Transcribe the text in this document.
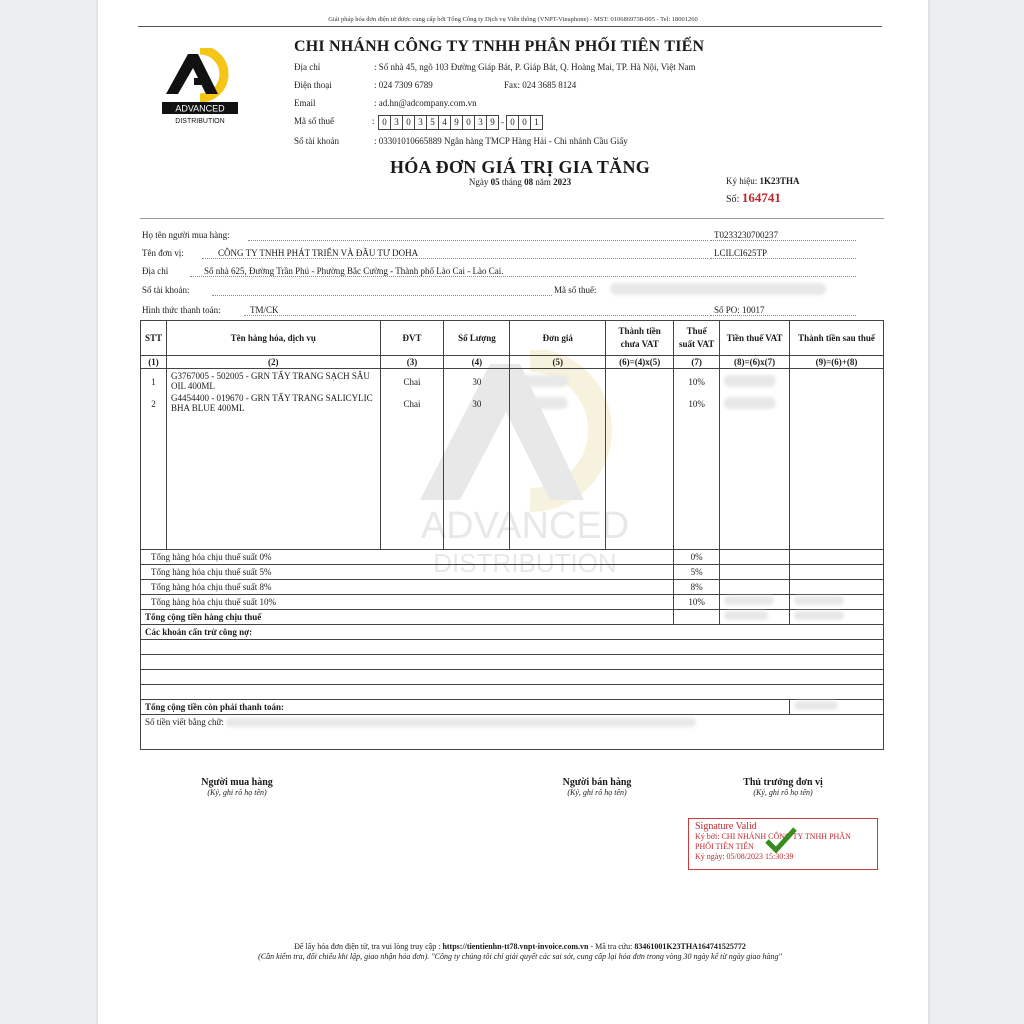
Giải pháp hóa đơn điện tử được cung cấp bởi Tổng Công ty Dịch vụ Viễn thông (VNPT-Vinaphone) - MST: 0106869738-005 - Tel: 18001260
ADVANCED
DISTRIBUTION
CHI NHÁNH CÔNG TY TNHH PHÂN PHỐI TIÊN TIẾN
Địa chỉ	: Số nhà 45, ngõ 103 Đường Giáp Bát, P. Giáp Bát, Q. Hoàng Mai, TP. Hà Nội, Việt Nam
Điện thoại	: 024 7309 6789	Fax: 024 3685 8124
Email	: ad.hn@adcompany.com.vn
Mã số thuế	: 0 3 0 3 5 4 9 0 3 9 - 0 0 1
Số tài khoản	: 03301010665889 Ngân hàng TMCP Hàng Hải - Chi nhánh Cầu Giấy
HÓA ĐƠN GIÁ TRỊ GIA TĂNG
Ngày 05 tháng 08 năm 2023	Ký hiệu: 1K23THA
Số: 164741
Họ tên người mua hàng:	T0233230700237
Tên đơn vị:	CÔNG TY TNHH PHÁT TRIỂN VÀ ĐẦU TƯ DOHA	LCILCI625TP
Địa chỉ	Số nhà 625, Đường Trần Phú - Phường Bắc Cường - Thành phố Lào Cai - Lào Cai.
Số tài khoản:	Mã số thuế:
Hình thức thanh toán:	TM/CK	Số PO: 10017
ADVANCED
DISTRIBUTION
STT	Tên hàng hóa, dịch vụ	ĐVT	Số Lượng	Đơn giá	Thành tiền chưa VAT	Thuế suất VAT	Tiền thuế VAT	Thành tiền sau thuế
(1)	(2)	(3)	(4)	(5)	(6)=(4)x(5)	(7)	(8)=(6)x(7)	(9)=(6)+(8)
1	G3767005 - 502005 - GRN TẨY TRANG SẠCH SÂU OIL 400ML	Chai	30			10%		
2	G4454400 - 019670 - GRN TẨY TRANG SALICYLIC BHA BLUE 400ML	Chai	30			10%		
Tổng hàng hóa chịu thuế suất 0%						0%		
Tổng hàng hóa chịu thuế suất 5%						5%		
Tổng hàng hóa chịu thuế suất 8%						8%		
Tổng hàng hóa chịu thuế suất 10%						10%		
Tổng cộng tiền hàng chịu thuế								
Các khoản cấn trừ công nợ:								

Tổng cộng tiền còn phải thanh toán:								
Số tiền viết bằng chữ:								
Người mua hàng
(Ký, ghi rõ họ tên)
Người bán hàng
(Ký, ghi rõ họ tên)
Thủ trưởng đơn vị
(Ký, ghi rõ họ tên)
Signature Valid
Ký bởi: CHI NHÁNH CÔNG TY TNHH PHÂN PHỐI TIÊN TIẾN
Ký ngày: 05/08/2023 15:30:39
Để lấy hóa đơn điện tử, tra vui lòng truy cập : https://tientienhn-tt78.vnpt-invoice.com.vn - Mã tra cứu: 83461001K23THA164741525772
(Cần kiểm tra, đối chiếu khi lập, giao nhận hóa đơn). "Công ty chúng tôi chỉ giải quyết các sai sót, cung cấp lại hóa đơn trong vòng 30 ngày kể từ ngày giao hàng"
